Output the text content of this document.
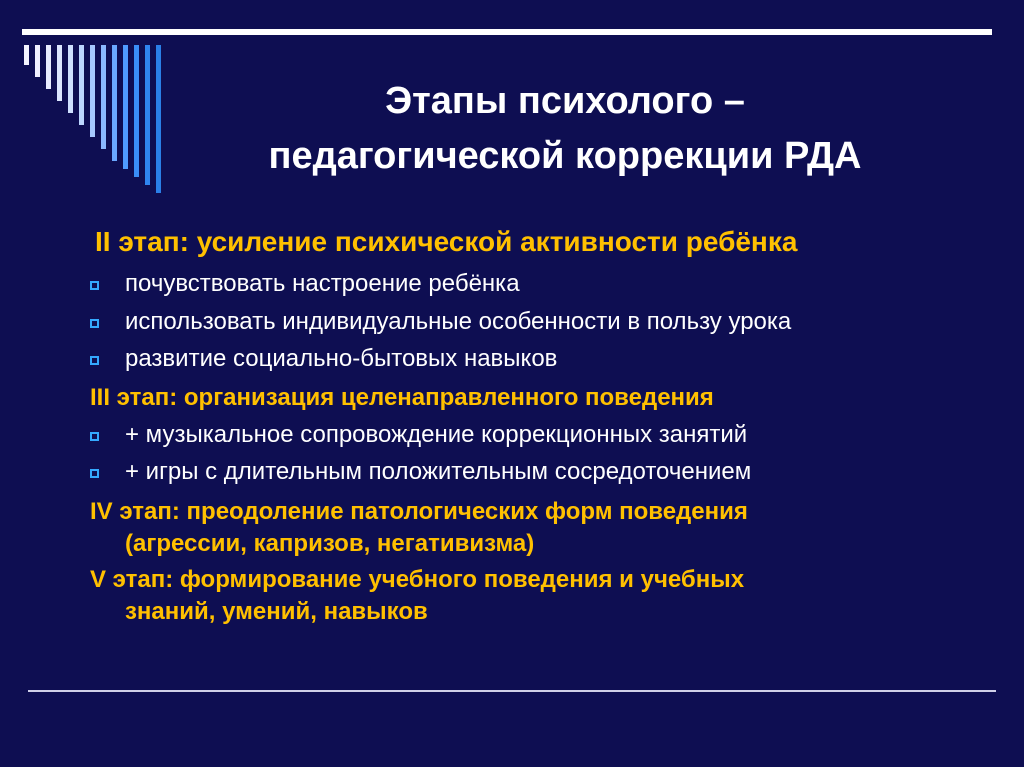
Этапы психолого –
педагогической коррекции РДА
II этап: усиление психической активности ребёнка
почувствовать настроение ребёнка
использовать индивидуальные особенности в пользу урока
развитие социально-бытовых навыков
III этап: организация целенаправленного поведения
+ музыкальное сопровождение коррекционных занятий
+ игры с длительным положительным сосредоточением
IV этап: преодоление патологических форм поведения
(агрессии, капризов, негативизма)
V этап: формирование учебного поведения и учебных
знаний, умений, навыков
